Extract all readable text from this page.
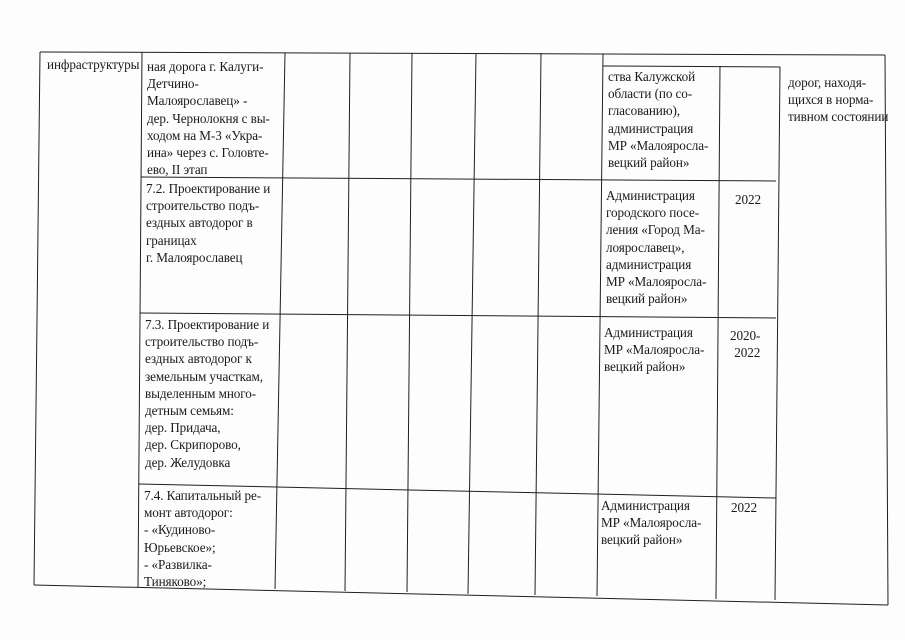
инфраструктуры ная дорога г. Калуги-
Детчино-
Малоярославец» -
дер. Чернолокня с вы-
ходом на М-3 «Укра-
ина» через с. Головте-
ево, II этап
ства Калужской
области (по со-
гласованию),
администрация
МР «Малояросла-
вецкий район»
7.2. Проектирование и
строительство подъ-
ездных автодорог в
границах
г. Малоярославец
Администрация
городского посе-
ления «Город Ма-
лоярославец»,
администрация
МР «Малояросла-
вецкий район»
2022
7.3. Проектирование и
строительство подъ-
ездных автодорог к
земельным участкам,
выделенным много-
детным семьям:
дер. Придача,
дер. Скрипорово,
дер. Желудовка
Администрация
МР «Малояросла-
вецкий район»
2020-
2022
7.4. Капитальный ре-
монт автодорог:
- «Кудиново-
Юрьевское»;
- «Развилка-
Тиняково»;
Администрация
МР «Малояросла-
вецкий район»
2022
дорог, находя-
щихся в норма-
тивном состоянии
